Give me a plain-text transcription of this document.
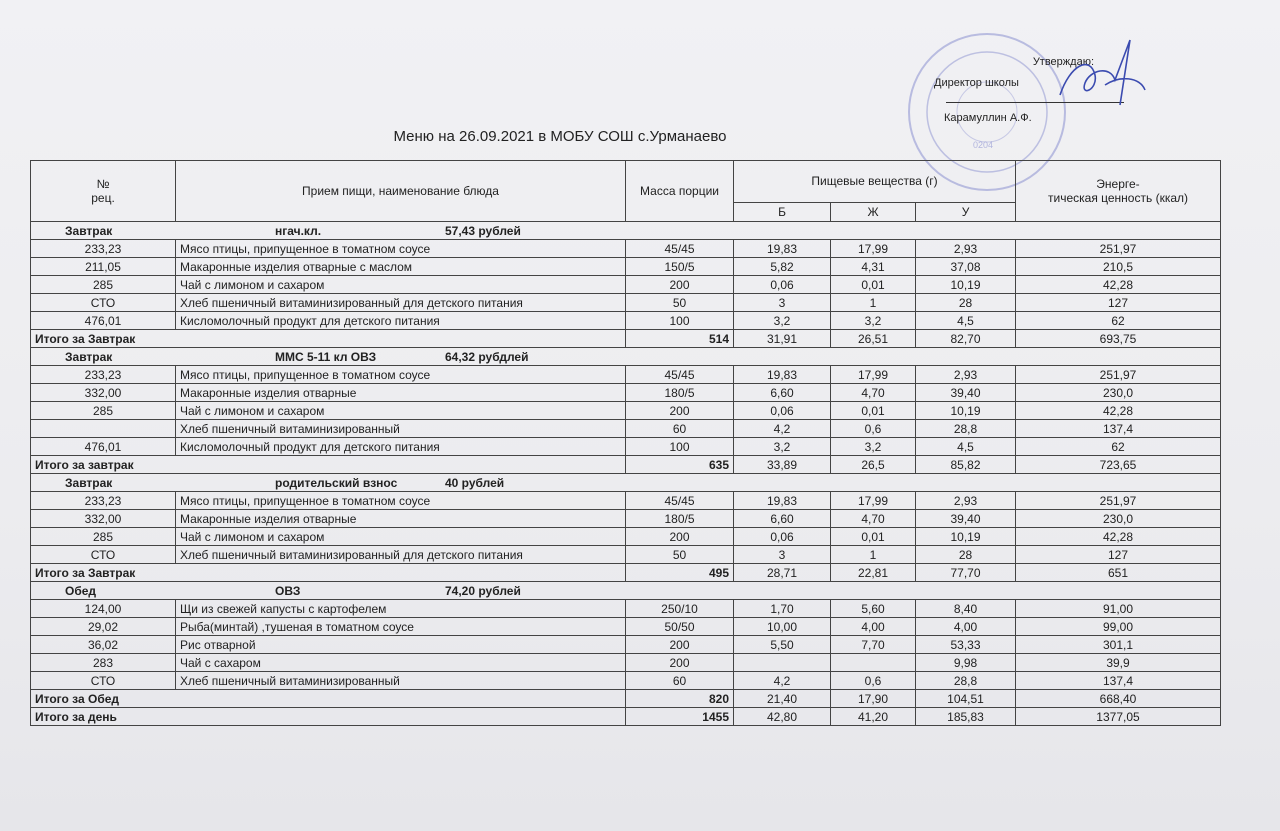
0204
Утверждаю:
Директор школы
Карамуллин А.Ф.
Меню на 26.09.2021 в МОБУ СОШ с.Урманаево
№
рец.	Прием пищи, наименование блюда	Масса порции	Пищевые вещества (г)			Энерге-
тическая ценность (ккал)
			Б	Ж	У	
Завтрак нгач.кл. 57,43 рублей						
233,23	Мясо птицы, припущенное в томатном соусе	45/45	19,83	17,99	2,93	251,97
211,05	Макаронные изделия отварные с маслом	150/5	5,82	4,31	37,08	210,5
285	Чай с лимоном и сахаром	200	0,06	0,01	10,19	42,28
СТО	Хлеб пшеничный витаминизированный для детского питания	50	3	1	28	127
476,01	Кисломолочный продукт для детского питания	100	3,2	3,2	4,5	62
Итого за Завтрак		514	31,91	26,51	82,70	693,75
Завтрак ММС 5-11 кл ОВЗ 64,32 рубдлей						
233,23	Мясо птицы, припущенное в томатном соусе	45/45	19,83	17,99	2,93	251,97
332,00	Макаронные изделия отварные	180/5	6,60	4,70	39,40	230,0
285	Чай с лимоном и сахаром	200	0,06	0,01	10,19	42,28
	Хлеб пшеничный витаминизированный	60	4,2	0,6	28,8	137,4
476,01	Кисломолочный продукт для детского питания	100	3,2	3,2	4,5	62
Итого за завтрак		635	33,89	26,5	85,82	723,65
Завтрак родительский взнос 40 рублей						
233,23	Мясо птицы, припущенное в томатном соусе	45/45	19,83	17,99	2,93	251,97
332,00	Макаронные изделия отварные	180/5	6,60	4,70	39,40	230,0
285	Чай с лимоном и сахаром	200	0,06	0,01	10,19	42,28
СТО	Хлеб пшеничный витаминизированный для детского питания	50	3	1	28	127
Итого за Завтрак		495	28,71	22,81	77,70	651
Обед ОВЗ 74,20 рублей						
124,00	Щи из свежей капусты с картофелем	250/10	1,70	5,60	8,40	91,00
29,02	Рыба(минтай) ,тушеная в томатном соусе	50/50	10,00	4,00	4,00	99,00
36,02	Рис отварной	200	5,50	7,70	53,33	301,1
283	Чай с сахаром	200			9,98	39,9
СТО	Хлеб пшеничный витаминизированный	60	4,2	0,6	28,8	137,4
Итого за Обед		820	21,40	17,90	104,51	668,40
Итого за день		1455	42,80	41,20	185,83	1377,05
